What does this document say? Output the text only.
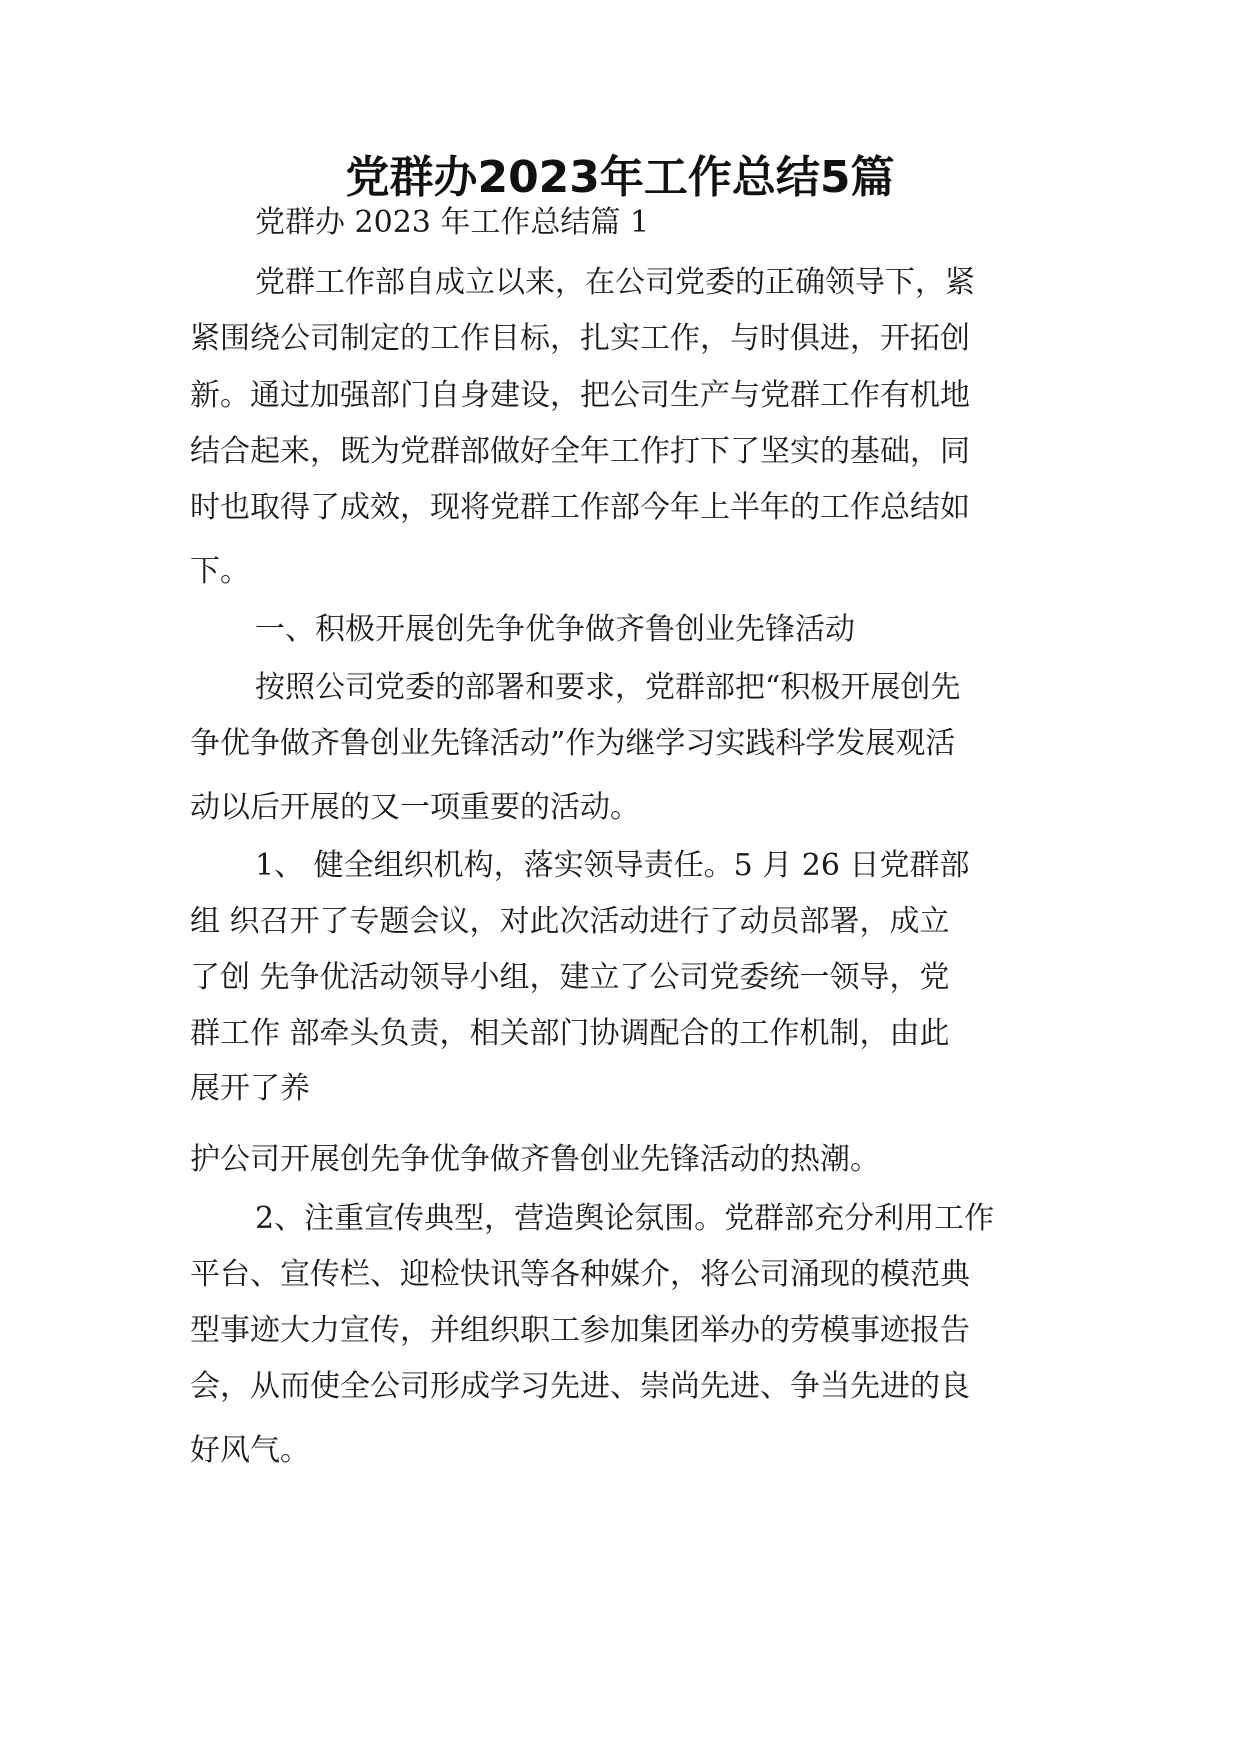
党群办2023年工作总结5篇
党群办 2023 年工作总结篇 1
党群工作部自成立以来，在公司党委的正确领导下，紧
紧围绕公司制定的工作目标，扎实工作，与时俱进，开拓创
新。通过加强部门自身建设，把公司生产与党群工作有机地
结合起来，既为党群部做好全年工作打下了坚实的基础，同
时也取得了成效，现将党群工作部今年上半年的工作总结如
下。
一、积极开展创先争优争做齐鲁创业先锋活动
按照公司党委的部署和要求，党群部把“积极开展创先
争优争做齐鲁创业先锋活动”作为继学习实践科学发展观活
动以后开展的又一项重要的活动。
1、 健全组织机构，落实领导责任。5 月 26 日党群部
组 织召开了专题会议，对此次活动进行了动员部署，成立
了创 先争优活动领导小组，建立了公司党委统一领导，党
群工作 部牵头负责，相关部门协调配合的工作机制，由此
展开了养
护公司开展创先争优争做齐鲁创业先锋活动的热潮。
2、注重宣传典型，营造舆论氛围。党群部充分利用工作
平台、宣传栏、迎检快讯等各种媒介，将公司涌现的模范典
型事迹大力宣传，并组织职工参加集团举办的劳模事迹报告
会，从而使全公司形成学习先进、崇尚先进、争当先进的良
好风气。
